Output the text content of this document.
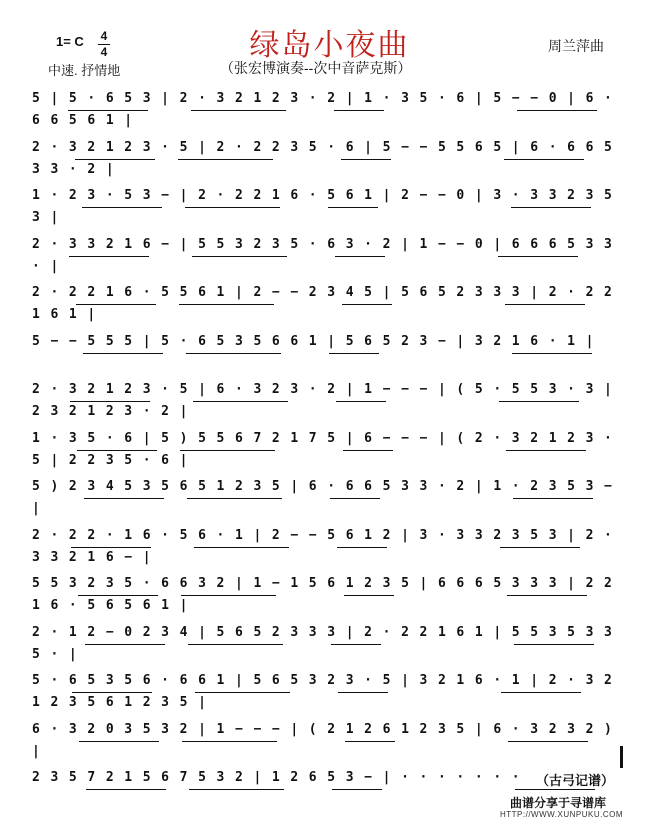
绿岛小夜曲
1= C 4
4
中速. 抒情地	（张宏博演奏--次中音萨克斯）
周兰萍曲
5 | 5 · 6 5 3 | 2 · 3 2 1 2 3 · 2 | 1 · 3 5 · 6 | 5 − − 0 | 6 · 6 6 5 6 1 |
2 · 3 2 1 2 3 · 5 | 2 · 2 2 3 5 · 6 | 5 − − 5 5 6 5 | 6 · 6 6 5 3 3 · 2 |
1 · 2 3 · 5 3 − | 2 · 2 2 1 6 · 5 6 1 | 2 − − 0 | 3 · 3 3 2 3 5 3 |
2 · 3 3 2 1 6 − | 5 5 3 2 3 5 · 6 3 · 2 | 1 − − 0 | 6 6 6 5 3 3 · |
2 · 2 2 1 6 · 5 5 6 1 | 2 − − 2 3 4 5 | 5 6 5 2 3 3 3 | 2 · 2 2 1 6 1 |
5 − − 5 5 5 | 5 · 6 5 3 5 6 6 1 | 5 6 5 2 3 − | 3 2 1 6 · 1 |
2 · 3 2 1 2 3 · 5 | 6 · 3 2 3 · 2 | 1 − − − | ( 5 · 5 5 3 · 3 | 2 3 2 1 2 3 · 2 |
1 · 3 5 · 6 | 5 ) 5 5 6 7 2 1 7 5 | 6 − − − | ( 2 · 3 2 1 2 3 · 5 | 2 2 3 5 · 6 |
5 ) 2 3 4 5 3 5 6 5 1 2 3 5 | 6 · 6 6 5 3 3 · 2 | 1 · 2 3 5 3 − |
2 · 2 2 · 1 6 · 5 6 · 1 | 2 − − 5 6 1 2 | 3 · 3 3 2 3 5 3 | 2 · 3 3 2 1 6 − |
5 5 3 2 3 5 · 6 6 3 2 | 1 − 1 5 6 1 2 3 5 | 6 6 6 5 3 3 3 | 2 2 1 6 · 5 6 5 6 1 |
2 · 1 2 − 0 2 3 4 | 5 6 5 2 3 3 3 | 2 · 2 2 1 6 1 | 5 5 3 5 3 3 5 · |
5 · 6 5 3 5 6 · 6 6 1 | 5 6 5 3 2 3 · 5 | 3 2 1 6 · 1 | 2 · 3 2 1 2 3 5 6 1 2 3 5 |
6 · 3 2 0 3 5 3 2 | 1 − − − | ( 2 1 2 6 1 2 3 5 | 6 · 3 2 3 2 ) |
2 3 5 7 2 1 5 6 7 5 3 2 | 1 2 6 5 3 − | · · · · · · ·	（古弓记谱）
曲谱分享于寻谱库
HTTP://WWW.XUNPUKU.COM
